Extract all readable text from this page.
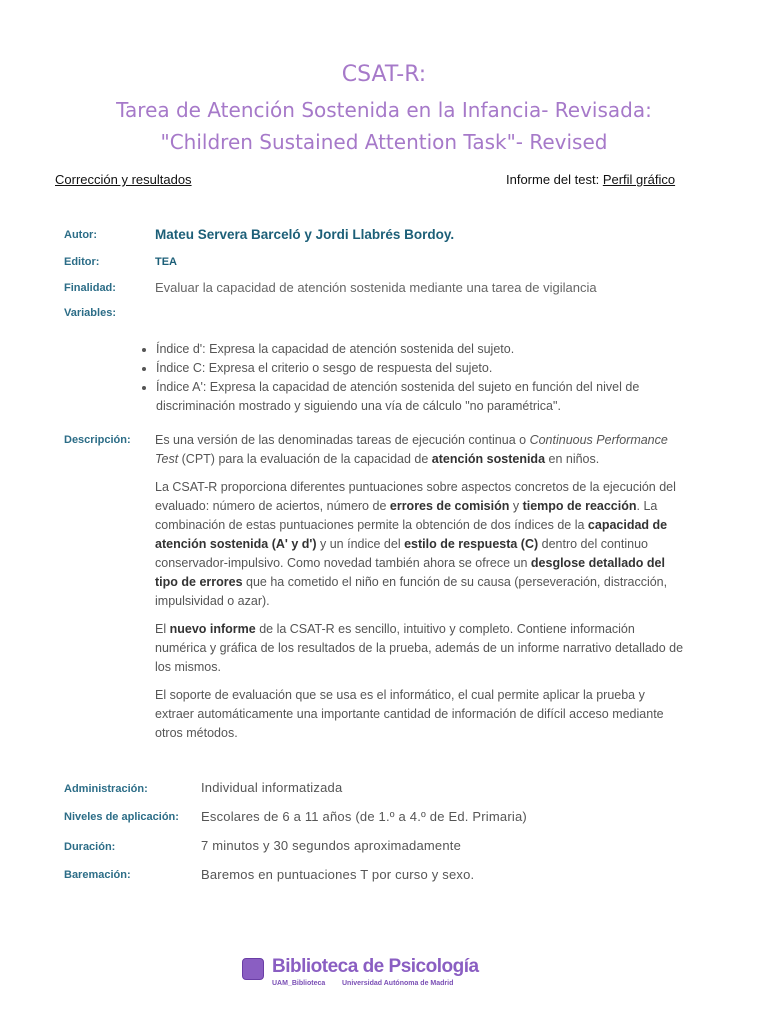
CSAT-R:
Tarea de Atención Sostenida en la Infancia- Revisada: "Children Sustained Attention Task"- Revised
Corrección y resultados	Informe del test: Perfil gráfico
Autor:	Mateu Servera Barceló y Jordi Llabrés Bordoy.
Editor:	TEA
Finalidad:	Evaluar la capacidad de atención sostenida mediante una tarea de vigilancia
Variables:
• Índice d': Expresa la capacidad de atención sostenida del sujeto.
• Índice C: Expresa el criterio o sesgo de respuesta del sujeto.
• Índice A': Expresa la capacidad de atención sostenida del sujeto en función del nivel de discriminación mostrado y siguiendo una vía de cálculo "no paramétrica".
Descripción: Es una versión de las denominadas tareas de ejecución continua o Continuous Performance Test (CPT) para la evaluación de la capacidad de atención sostenida en niños.

La CSAT-R proporciona diferentes puntuaciones sobre aspectos concretos de la ejecución del evaluado: número de aciertos, número de errores de comisión y tiempo de reacción. La combinación de estas puntuaciones permite la obtención de dos índices de la capacidad de atención sostenida (A' y d') y un índice del estilo de respuesta (C) dentro del continuo conservador-impulsivo. Como novedad también ahora se ofrece un desglose detallado del tipo de errores que ha cometido el niño en función de su causa (perseveración, distracción, impulsividad o azar).

El nuevo informe de la CSAT-R es sencillo, intuitivo y completo. Contiene información numérica y gráfica de los resultados de la prueba, además de un informe narrativo detallado de los mismos.

El soporte de evaluación que se usa es el informático, el cual permite aplicar la prueba y extraer automáticamente una importante cantidad de información de difícil acceso mediante otros métodos.

Administración:	Individual informatizada
Niveles de aplicación: Escolares de 6 a 11 años (de 1.º a 4.º de Ed. Primaria)
Duración:	7 minutos y 30 segundos aproximadamente
Baremación:	Baremos en puntuaciones T por curso y sexo.
Biblioteca de Psicología
UAM_Biblioteca Universidad Autónoma de Madrid
